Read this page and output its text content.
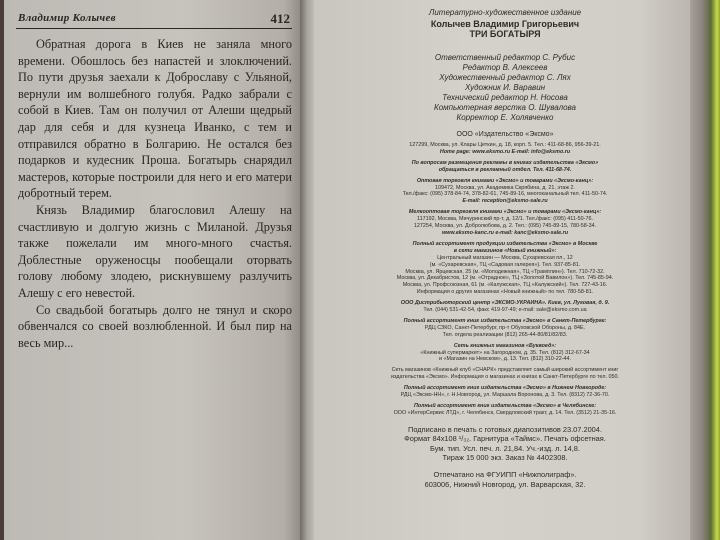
Владимир Колычев	412

Обратная дорога в Киев не заняла много времени. Обошлось без напастей и злоключений. По пути друзья заехали к Доброславу с Ульяной, вернули им волшебного голубя. Радко забрали с собой в Киев. Там он получил от Алеши щедрый дар для себя и для кузнеца Иванко, с тем и отправился обратно в Болгарию. Не остался без подарков и кудесник Проша. Богатырь снарядил мастеров, которые построили для него и его матери добротный терем.

Князь Владимир благословил Алешу на счастливую и долгую жизнь с Миланой. Друзья также пожелали им много-много счастья. Доблестные оруженосцы пообещали оторвать голову любому злодею, рискнувшему разлучить Алешу с его невестой.

Со свадьбой богатырь долго не тянул и скоро обвенчался со своей возлюбленной. И был пир на весь мир...

Литературно-художественное издание
Колычев Владимир Григорьевич
ТРИ БОГАТЫРЯ
Ответственный редактор С. Рубис
Редактор В. Алексеев
Художественный редактор С. Лях
Художник И. Варавин
Технический редактор Н. Носова
Компьютерная верстка О. Шувалова
Корректор Е. Холявченко
ООО «Издательство «Эксмо»
127299, Москва, ул. Клары Цеткин, д. 18, корп. 5. Тел.: 411-68-86, 956-39-21.
Home page: www.eksmo.ru E-mail: info@eksmo.ru
По вопросам размещения рекламы в книгах издательства «Эксмо»
обращаться в рекламный отдел. Тел. 411-68-74.
Оптовая торговля книгами «Эксмо» и товарами «Эксмо-канц»:
109472, Москва, ул. Академика Скрябина, д. 21, этаж 2.
Тел./факс: (095) 378-84-74, 378-82-61, 745-89-16, многоканальный тел. 411-50-74.
E-mail: reception@eksmo-sale.ru
Мелкооптовая торговля книгами «Эксмо» и товарами «Эксмо-канц»:
117192, Москва, Мичуринский пр-т, д. 12/1. Тел./факс: (095) 411-50-76.
127254, Москва, ул. Добролюбова, д. 2. Тел.: (095) 745-89-15, 780-58-34.
www.eksmo-kanc.ru e-mail: kanc@eksmo-sale.ru
Полный ассортимент продукции издательства «Эксмо» в Москве
в сети магазинов «Новый книжный»:
Центральный магазин — Москва, Сухаревская пл., 12
(м. «Сухаревская», ТЦ «Садовая галерея»). Тел. 937-85-81.
Москва, ул. Ярцевская, 25 (м. «Молодежная», ТЦ «Трамплин»). Тел. 710-72-32.
Москва, ул. Декабристов, 12 (м. «Отрадное», ТЦ «Золотой Вавилон»). Тел. 745-85-94.
Москва, ул. Профсоюзная, 61 (м. «Калужская», ТЦ «Калужский»). Тел. 727-43-16.
Информация о других магазинах «Новый книжный» по тел. 780-58-81.
ООО Дистрибьюторский центр «ЭКСМО-УКРАИНА». Киев, ул. Луговая, д. 9.
Тел. (044) 531-42-54, факс 419-97-49; e-mail: sale@eksmo.com.ua
Полный ассортимент книг издательства «Эксмо» в Санкт-Петербурге:
РДЦ СЗКО, Санкт-Петербург, пр-т Обуховской Обороны, д. 84Е.
Тел. отдела реализации (812) 265-44-80/81/82/83.
Сеть книжных магазинов «Буквоед»:
«Книжный супермаркет» на Загородном, д. 35. Тел. (812) 312-67-34
и «Магазин на Невском», д. 13. Тел. (812) 310-22-44.
Сеть магазинов «Книжный клуб «СНАРК» представляет самый широкий ассортимент книг
издательства «Эксмо». Информация о магазинах и книгах в Санкт-Петербурге по тел. 050.
Полный ассортимент книг издательства «Эксмо» в Нижнем Новгороде:
РДЦ «Эксмо-НН», г. Н.Новгород, ул. Маршала Воронова, д. 3. Тел. (8312) 72-36-70.
Полный ассортимент книг издательства «Эксмо» в Челябинске:
ООО «ИнтерСервис ЛТД», г. Челябинск, Свердловский тракт, д. 14. Тел. (3512) 21-35-16.
Подписано в печать с готовых диапозитивов 23.07.2004.
Формат 84x108 ¹/₃₂. Гарнитура «Таймс». Печать офсетная.
Бум. тип. Усл. печ. л. 21,84. Уч.-изд. л. 14,8.
Тираж 15 000 экз. Заказ № 4402308.
Отпечатано на ФГУИПП «Нижполиграф».
603006, Нижний Новгород, ул. Варварская, 32.
